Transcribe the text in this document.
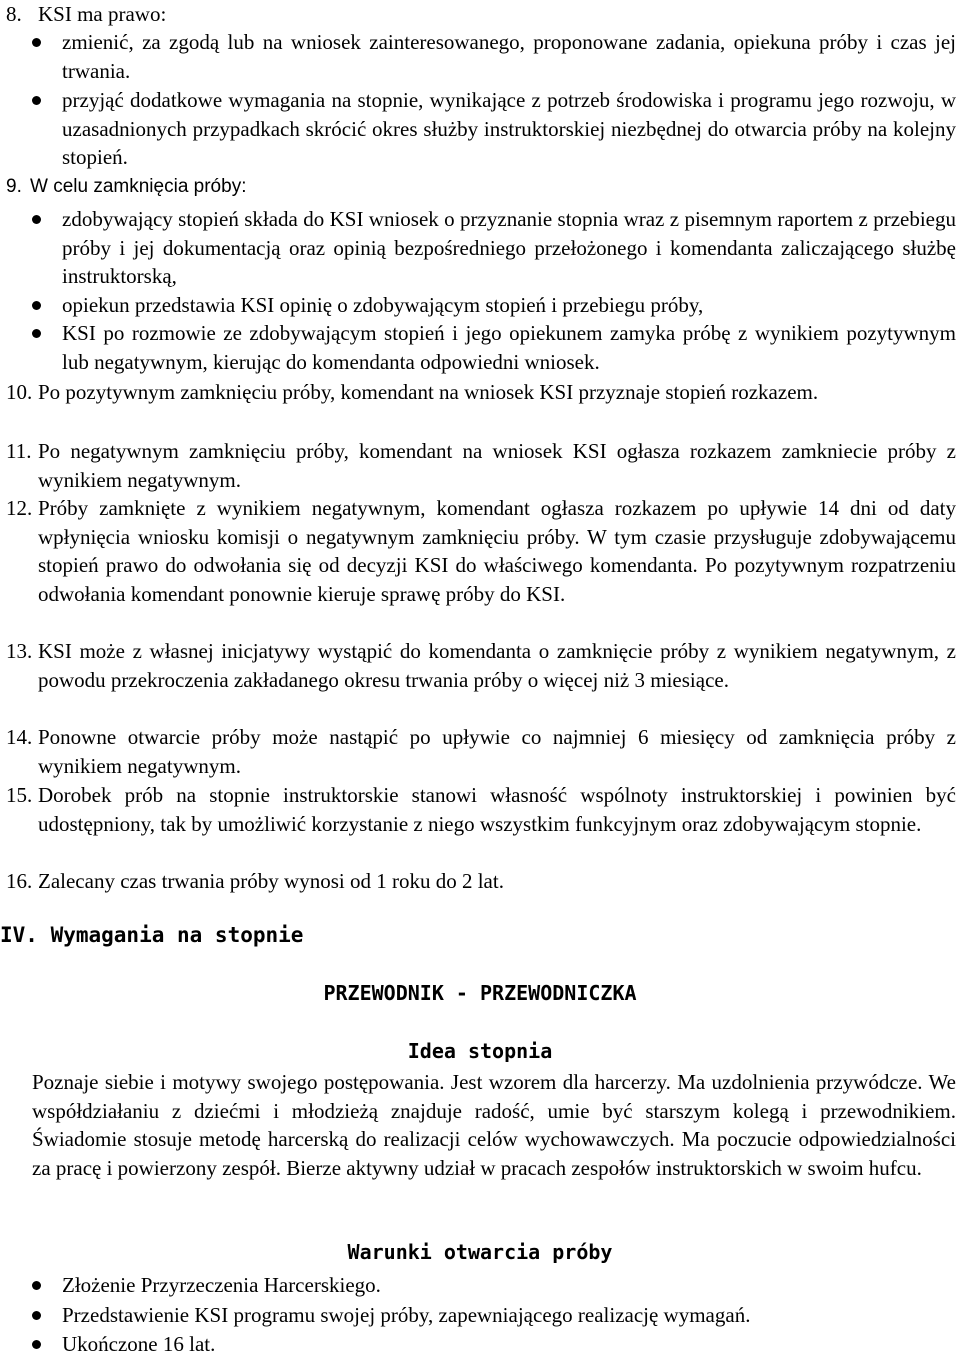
8. KSI ma prawo:
zmienić, za zgodą lub na wniosek zainteresowanego, proponowane zadania, opiekuna próby i czas jej trwania.
przyjąć dodatkowe wymagania na stopnie, wynikające z potrzeb środowiska i programu jego rozwoju, w uzasadnionych przypadkach skrócić okres służby instruktorskiej niezbędnej do otwarcia próby na kolejny stopień.
9. W celu zamknięcia próby:
zdobywający stopień składa do KSI wniosek o przyznanie stopnia wraz z pisemnym raportem z przebiegu próby i jej dokumentacją oraz opinią bezpośredniego przełożonego i komendanta zaliczającego służbę instruktorską,
opiekun przedstawia KSI opinię o zdobywającym stopień i przebiegu próby,
KSI po rozmowie ze zdobywającym stopień i jego opiekunem zamyka próbę z wynikiem pozytywnym lub negatywnym, kierując do komendanta odpowiedni wniosek.
10. Po pozytywnym zamknięciu próby, komendant na wniosek KSI przyznaje stopień rozkazem.
11. Po negatywnym zamknięciu próby, komendant na wniosek KSI ogłasza rozkazem zamkniecie próby z wynikiem negatywnym.
12. Próby zamknięte z wynikiem negatywnym, komendant ogłasza rozkazem po upływie 14 dni od daty wpłynięcia wniosku komisji o negatywnym zamknięciu próby. W tym czasie przysługuje zdobywającemu stopień prawo do odwołania się od decyzji KSI do właściwego komendanta. Po pozytywnym rozpatrzeniu odwołania komendant ponownie kieruje sprawę próby do KSI.
13. KSI może z własnej inicjatywy wystąpić do komendanta o zamknięcie próby z wynikiem negatywnym, z powodu przekroczenia zakładanego okresu trwania próby o więcej niż 3 miesiące.
14. Ponowne otwarcie próby może nastąpić po upływie co najmniej 6 miesięcy od zamknięcia próby z wynikiem negatywnym.
15. Dorobek prób na stopnie instruktorskie stanowi własność wspólnoty instruktorskiej i powinien być udostępniony, tak by umożliwić korzystanie z niego wszystkim funkcyjnym oraz zdobywającym stopnie.
16. Zalecany czas trwania próby wynosi od 1 roku do 2 lat.
IV. Wymagania na stopnie

PRZEWODNIK - PRZEWODNICZKA

Idea stopnia

Poznaje siebie i motywy swojego postępowania. Jest wzorem dla harcerzy. Ma uzdolnienia przywódcze. We współdziałaniu z dziećmi i młodzieżą znajduje radość, umie być starszym kolegą i przewodnikiem. Świadomie stosuje metodę harcerską do realizacji celów wychowawczych. Ma poczucie odpowiedzialności za pracę i powierzony zespół. Bierze aktywny udział w pracach zespołów instruktorskich w swoim hufcu.

Warunki otwarcia próby

Złożenie Przyrzeczenia Harcerskiego.
Przedstawienie KSI programu swojej próby, zapewniającego realizację wymagań.
Ukończone 16 lat.
